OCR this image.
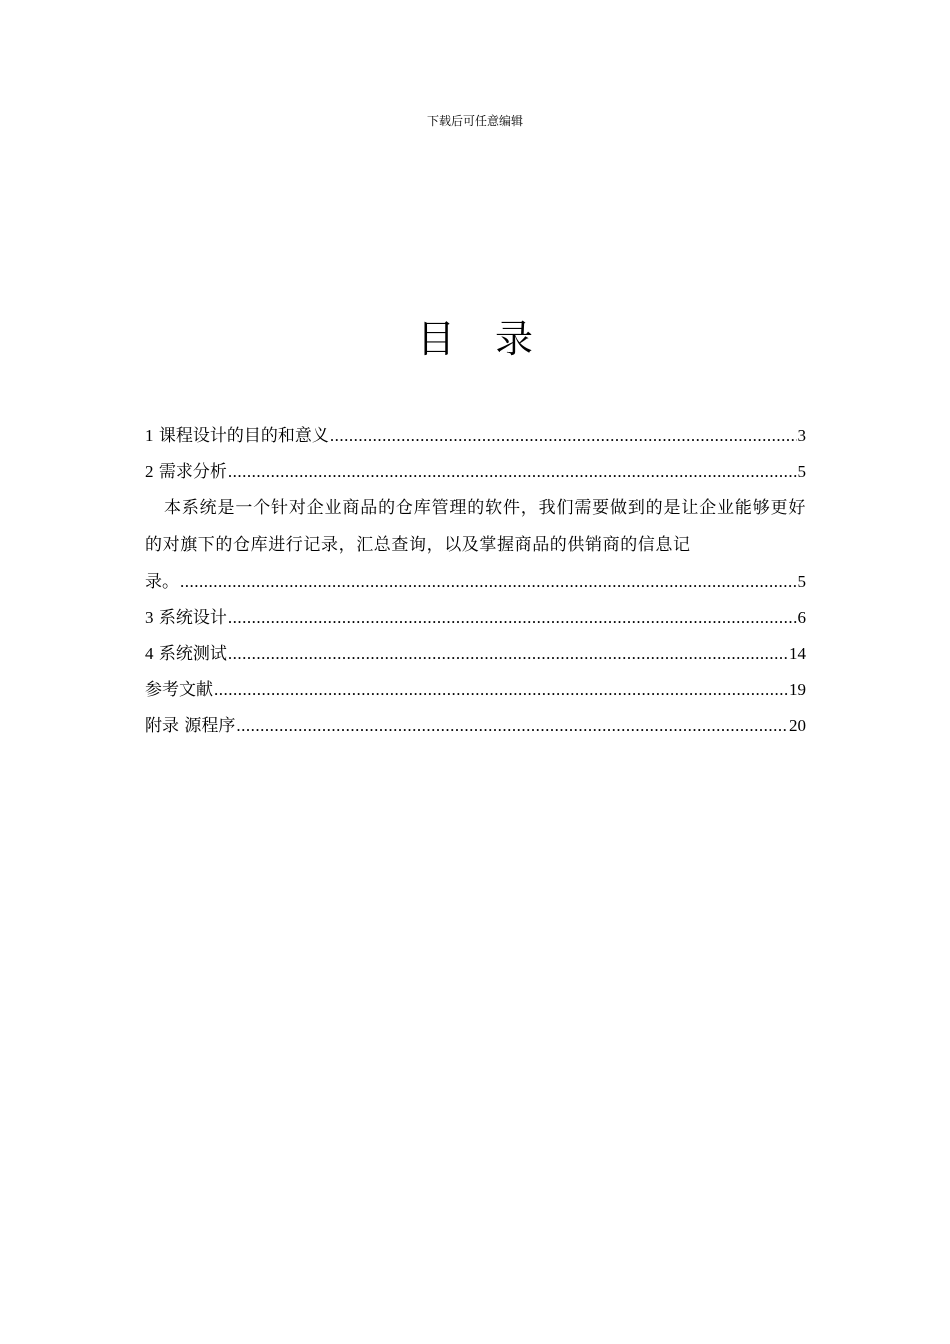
下载后可任意编辑
目录
1 课程设计的目的和意义 .....	3
2 需求分析 .....	5

本系统是一个针对企业商品的仓库管理的软件，我们需要做到的是让企业能够更好的对旗下的仓库进行记录，汇总查询，以及掌握商品的供销商的信息记

录。 .....	5
3 系统设计 .....	6
4 系统测试 .....	14
参考文献 .....	19
附录 源程序 .....	20
